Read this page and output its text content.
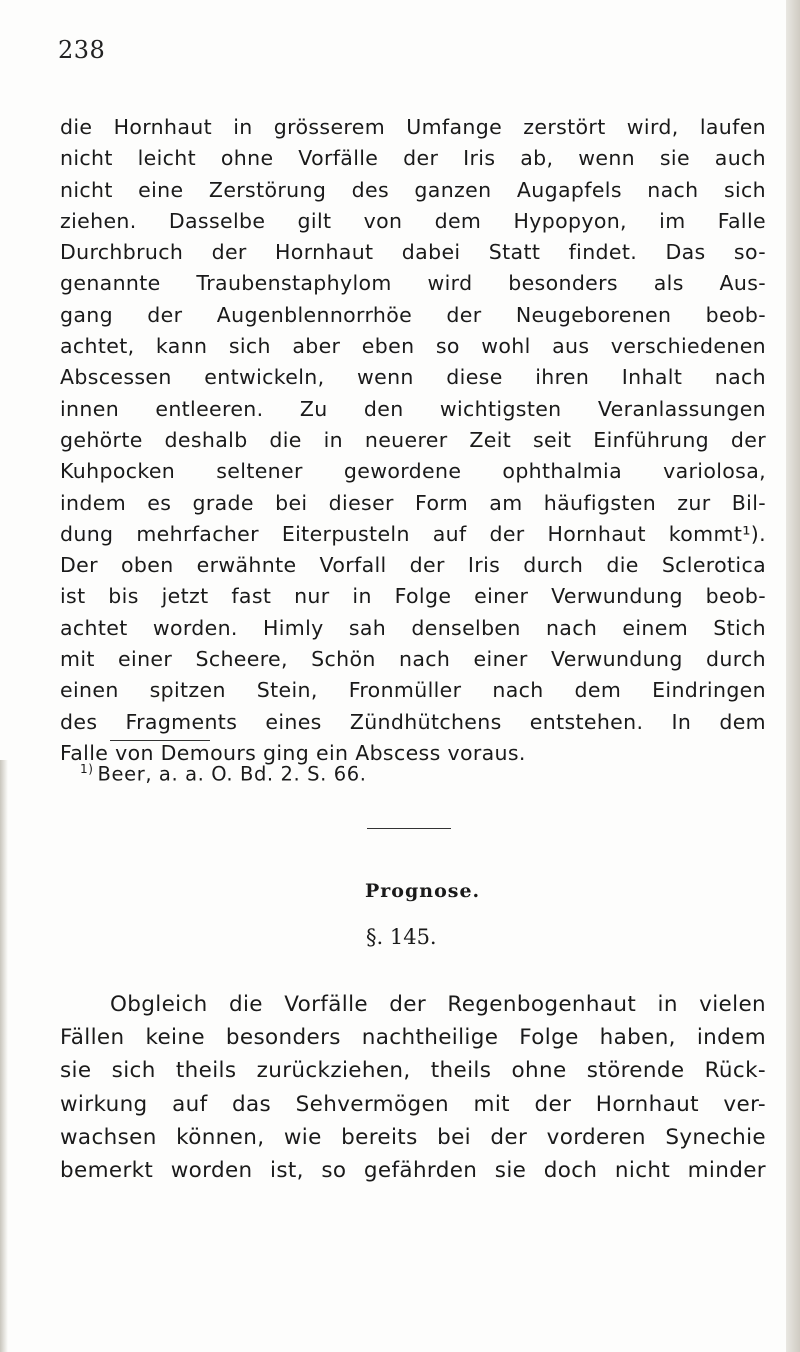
238
die Hornhaut in grösserem Umfange zerstört wird, laufen
nicht leicht ohne Vorfälle der Iris ab, wenn sie auch
nicht eine Zerstörung des ganzen Augapfels nach sich
ziehen. Dasselbe gilt von dem Hypopyon, im Falle
Durchbruch der Hornhaut dabei Statt findet. Das so-
genannte Traubenstaphylom wird besonders als Aus-
gang der Augenblennorrhöe der Neugeborenen beob-
achtet, kann sich aber eben so wohl aus verschiedenen
Abscessen entwickeln, wenn diese ihren Inhalt nach
innen entleeren. Zu den wichtigsten Veranlassungen
gehörte deshalb die in neuerer Zeit seit Einführung der
Kuhpocken seltener gewordene ophthalmia variolosa,
indem es grade bei dieser Form am häufigsten zur Bil-
dung mehrfacher Eiterpusteln auf der Hornhaut kommt¹).
Der oben erwähnte Vorfall der Iris durch die Sclerotica
ist bis jetzt fast nur in Folge einer Verwundung beob-
achtet worden. Himly sah denselben nach einem Stich
mit einer Scheere, Schön nach einer Verwundung durch
einen spitzen Stein, Fronmüller nach dem Eindringen
des Fragments eines Zündhütchens entstehen. In dem
Falle von Demours ging ein Abscess voraus.
$^{1)}$ Beer, a. a. O. Bd. 2. S. 66.
Prognose.
§. 145.
Obgleich die Vorfälle der Regenbogenhaut in vielen
Fällen keine besonders nachtheilige Folge haben, indem
sie sich theils zurückziehen, theils ohne störende Rück-
wirkung auf das Sehvermögen mit der Hornhaut ver-
wachsen können, wie bereits bei der vorderen Synechie
bemerkt worden ist, so gefährden sie doch nicht minder
